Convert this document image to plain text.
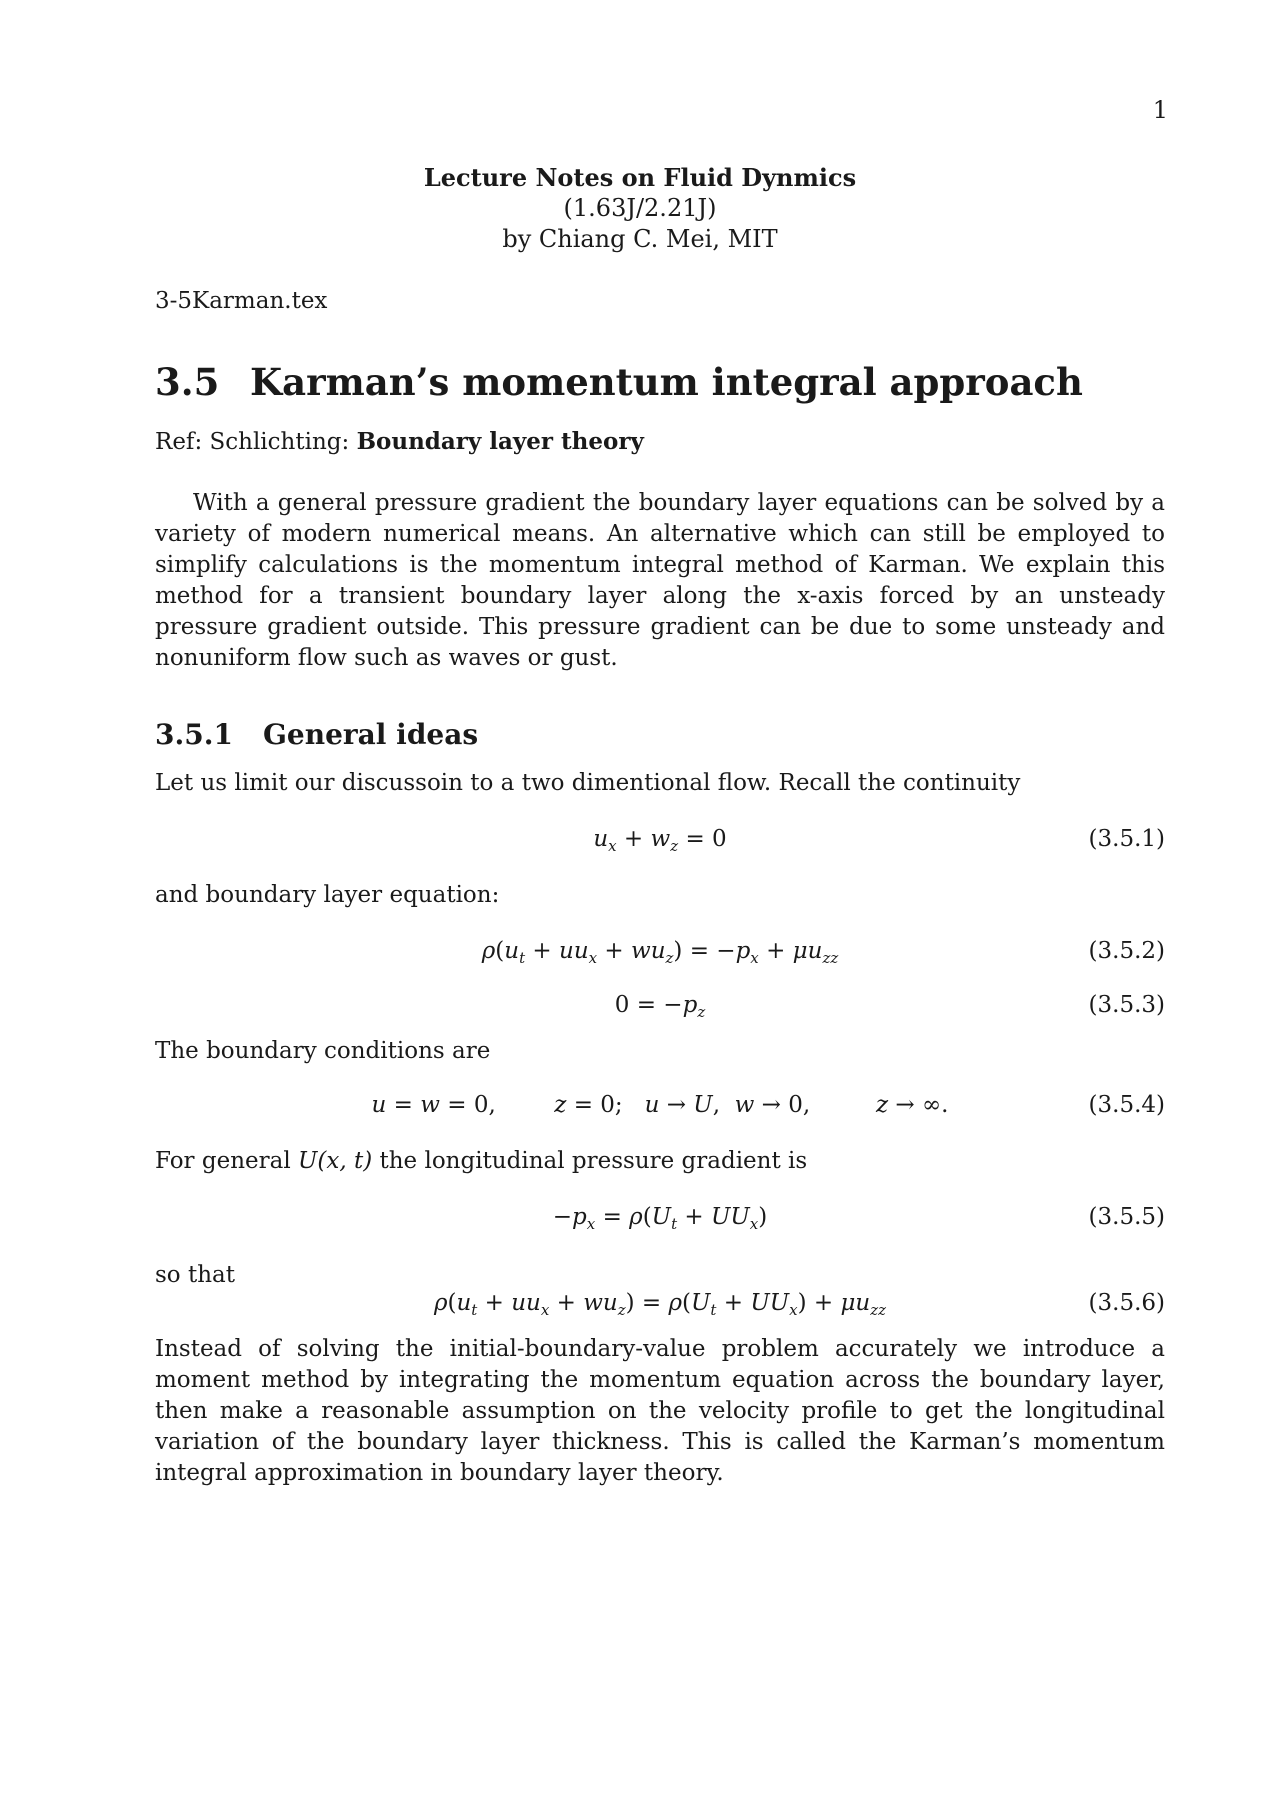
1
Lecture Notes on Fluid Dynmics
(1.63J/2.21J)
by Chiang C. Mei, MIT
3-5Karman.tex
3.5 Karman’s momentum integral approach
Ref: Schlichting: Boundary layer theory
With a general pressure gradient the boundary layer equations can be solved by a variety of modern numerical means. An alternative which can still be employed to simplify calculations is the momentum integral method of Karman. We explain this method for a transient boundary layer along the x-axis forced by an unsteady pressure gradient outside. This pressure gradient can be due to some unsteady and nonuniform flow such as waves or gust.
3.5.1 General ideas
Let us limit our discussoin to a two dimentional flow. Recall the continuity
$u_x + w_z = 0$	(3.5.1)
and boundary layer equation:
$\rho(u_t + uu_x + wu_z) = -p_x + \mu u_{zz}$	(3.5.2)
$0 = -p_z$	(3.5.3)
The boundary conditions are
u = w = 0,        z = 0;   u → U,  w → 0,         z → ∞.	(3.5.4)
For general U(x, t) the longitudinal pressure gradient is
$-p_x = \rho(U_t + UU_x)$	(3.5.5)
so that
$\rho(u_t + uu_x + wu_z) = \rho(U_t + UU_x) + \mu u_{zz}$	(3.5.6)
Instead of solving the initial-boundary-value problem accurately we introduce a moment method by integrating the momentum equation across the boundary layer, then make a reasonable assumption on the velocity profile to get the longitudinal variation of the boundary layer thickness. This is called the Karman’s momentum integral approximation in boundary layer theory.
